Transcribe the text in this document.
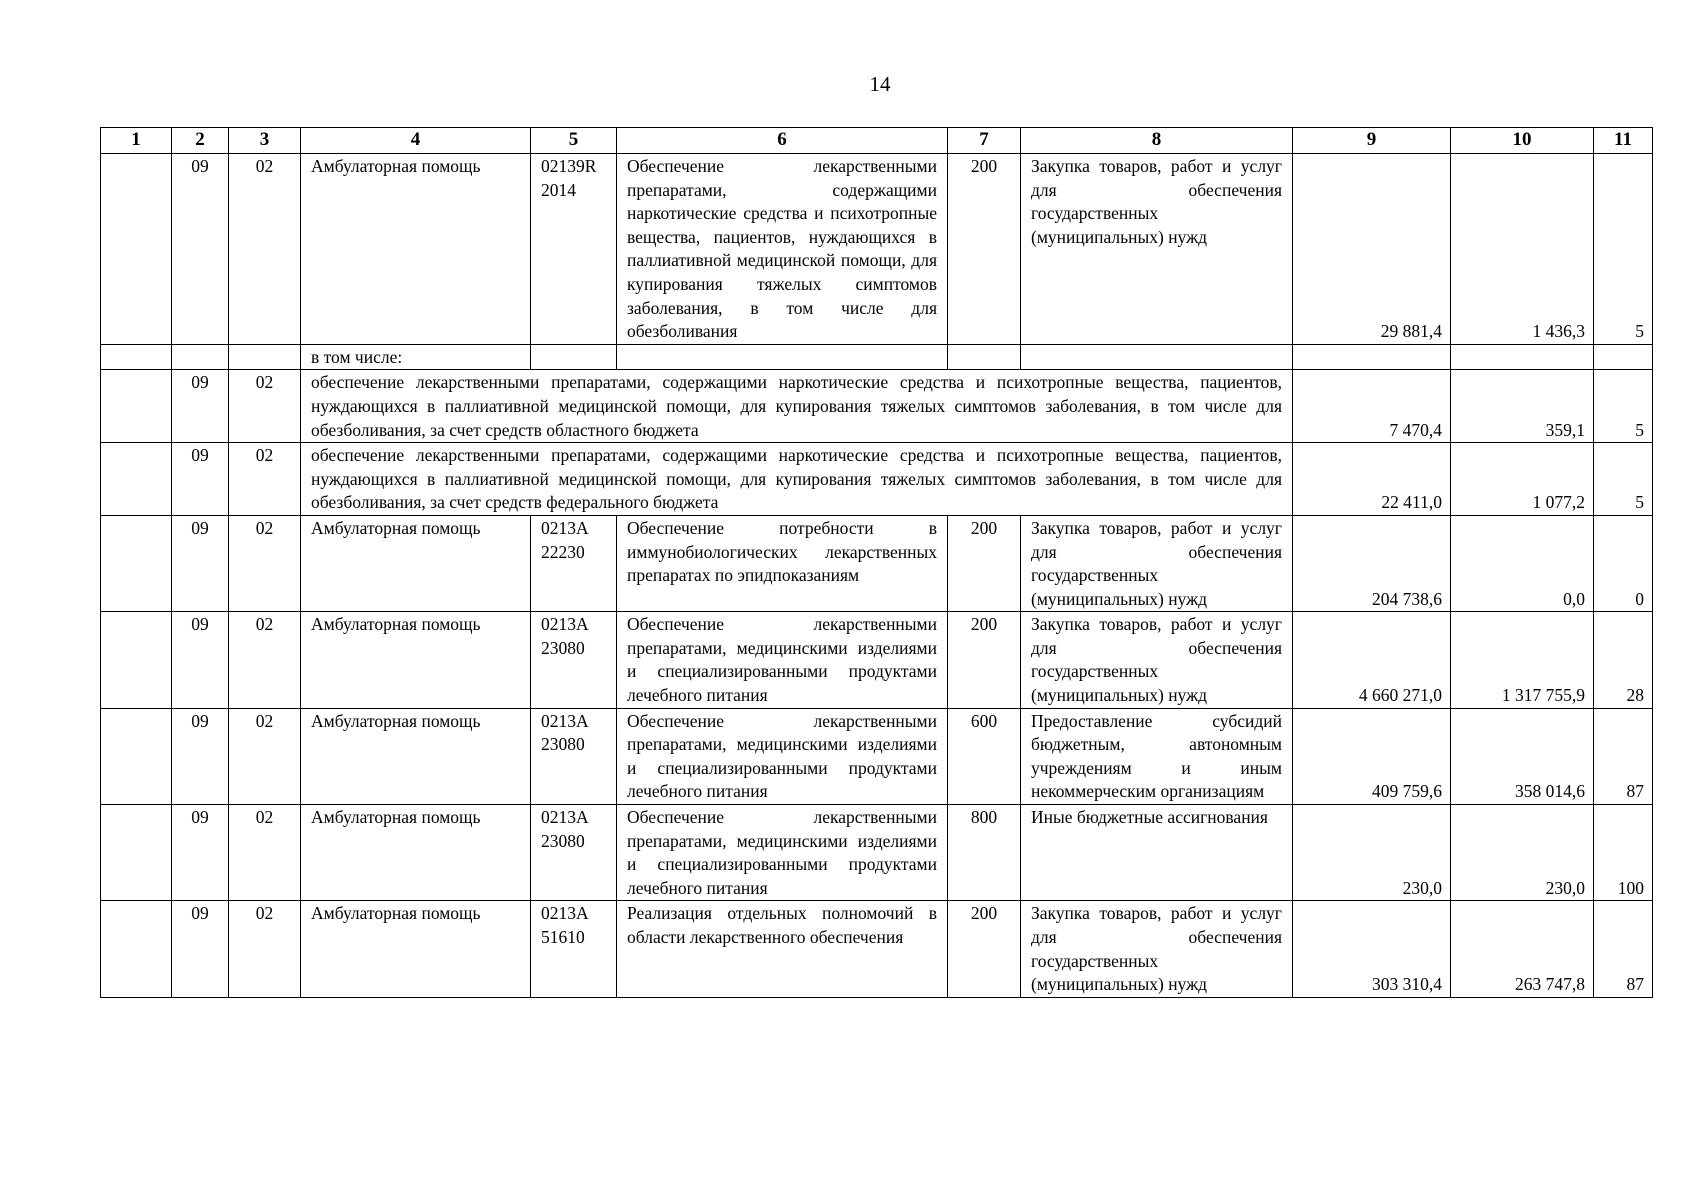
14
1	2	3	4	5	6	7	8	9	10	11
	09	02	Амбулаторная помощь	02139R 2014	Обеспечение лекарственными препаратами, содержащими наркотические средства и психотропные вещества, пациентов, нуждающихся в паллиативной медицинской помощи, для купирования тяжелых симптомов заболевания, в том числе для обезболивания	200	Закупка товаров, работ и услуг для обеспечения государственных (муниципальных) нужд	29 881,4	1 436,3	5
			в том числе:							
	09	02	обеспечение лекарственными препаратами, содержащими наркотические средства и психотропные вещества, пациентов, нуждающихся в паллиативной медицинской помощи, для купирования тяжелых симптомов заболевания, в том числе для обезболивания, за счет средств областного бюджета					7 470,4	359,1	5
	09	02	обеспечение лекарственными препаратами, содержащими наркотические средства и психотропные вещества, пациентов, нуждающихся в паллиативной медицинской помощи, для купирования тяжелых симптомов заболевания, в том числе для обезболивания, за счет средств федерального бюджета					22 411,0	1 077,2	5
	09	02	Амбулаторная помощь	0213А 22230	Обеспечение потребности в иммунобиологических лекарственных препаратах по эпидпоказаниям	200	Закупка товаров, работ и услуг для обеспечения государственных (муниципальных) нужд	204 738,6	0,0	0
	09	02	Амбулаторная помощь	0213А 23080	Обеспечение лекарственными препаратами, медицинскими изделиями и специализированными продуктами лечебного питания	200	Закупка товаров, работ и услуг для обеспечения государственных (муниципальных) нужд	4 660 271,0	1 317 755,9	28
	09	02	Амбулаторная помощь	0213А 23080	Обеспечение лекарственными препаратами, медицинскими изделиями и специализированными продуктами лечебного питания	600	Предоставление субсидий бюджетным, автономным учреждениям и иным некоммерческим организациям	409 759,6	358 014,6	87
	09	02	Амбулаторная помощь	0213А 23080	Обеспечение лекарственными препаратами, медицинскими изделиями и специализированными продуктами лечебного питания	800	Иные бюджетные ассигнования	230,0	230,0	100
	09	02	Амбулаторная помощь	0213А 51610	Реализация отдельных полномочий в области лекарственного обеспечения	200	Закупка товаров, работ и услуг для обеспечения государственных (муниципальных) нужд	303 310,4	263 747,8	87
